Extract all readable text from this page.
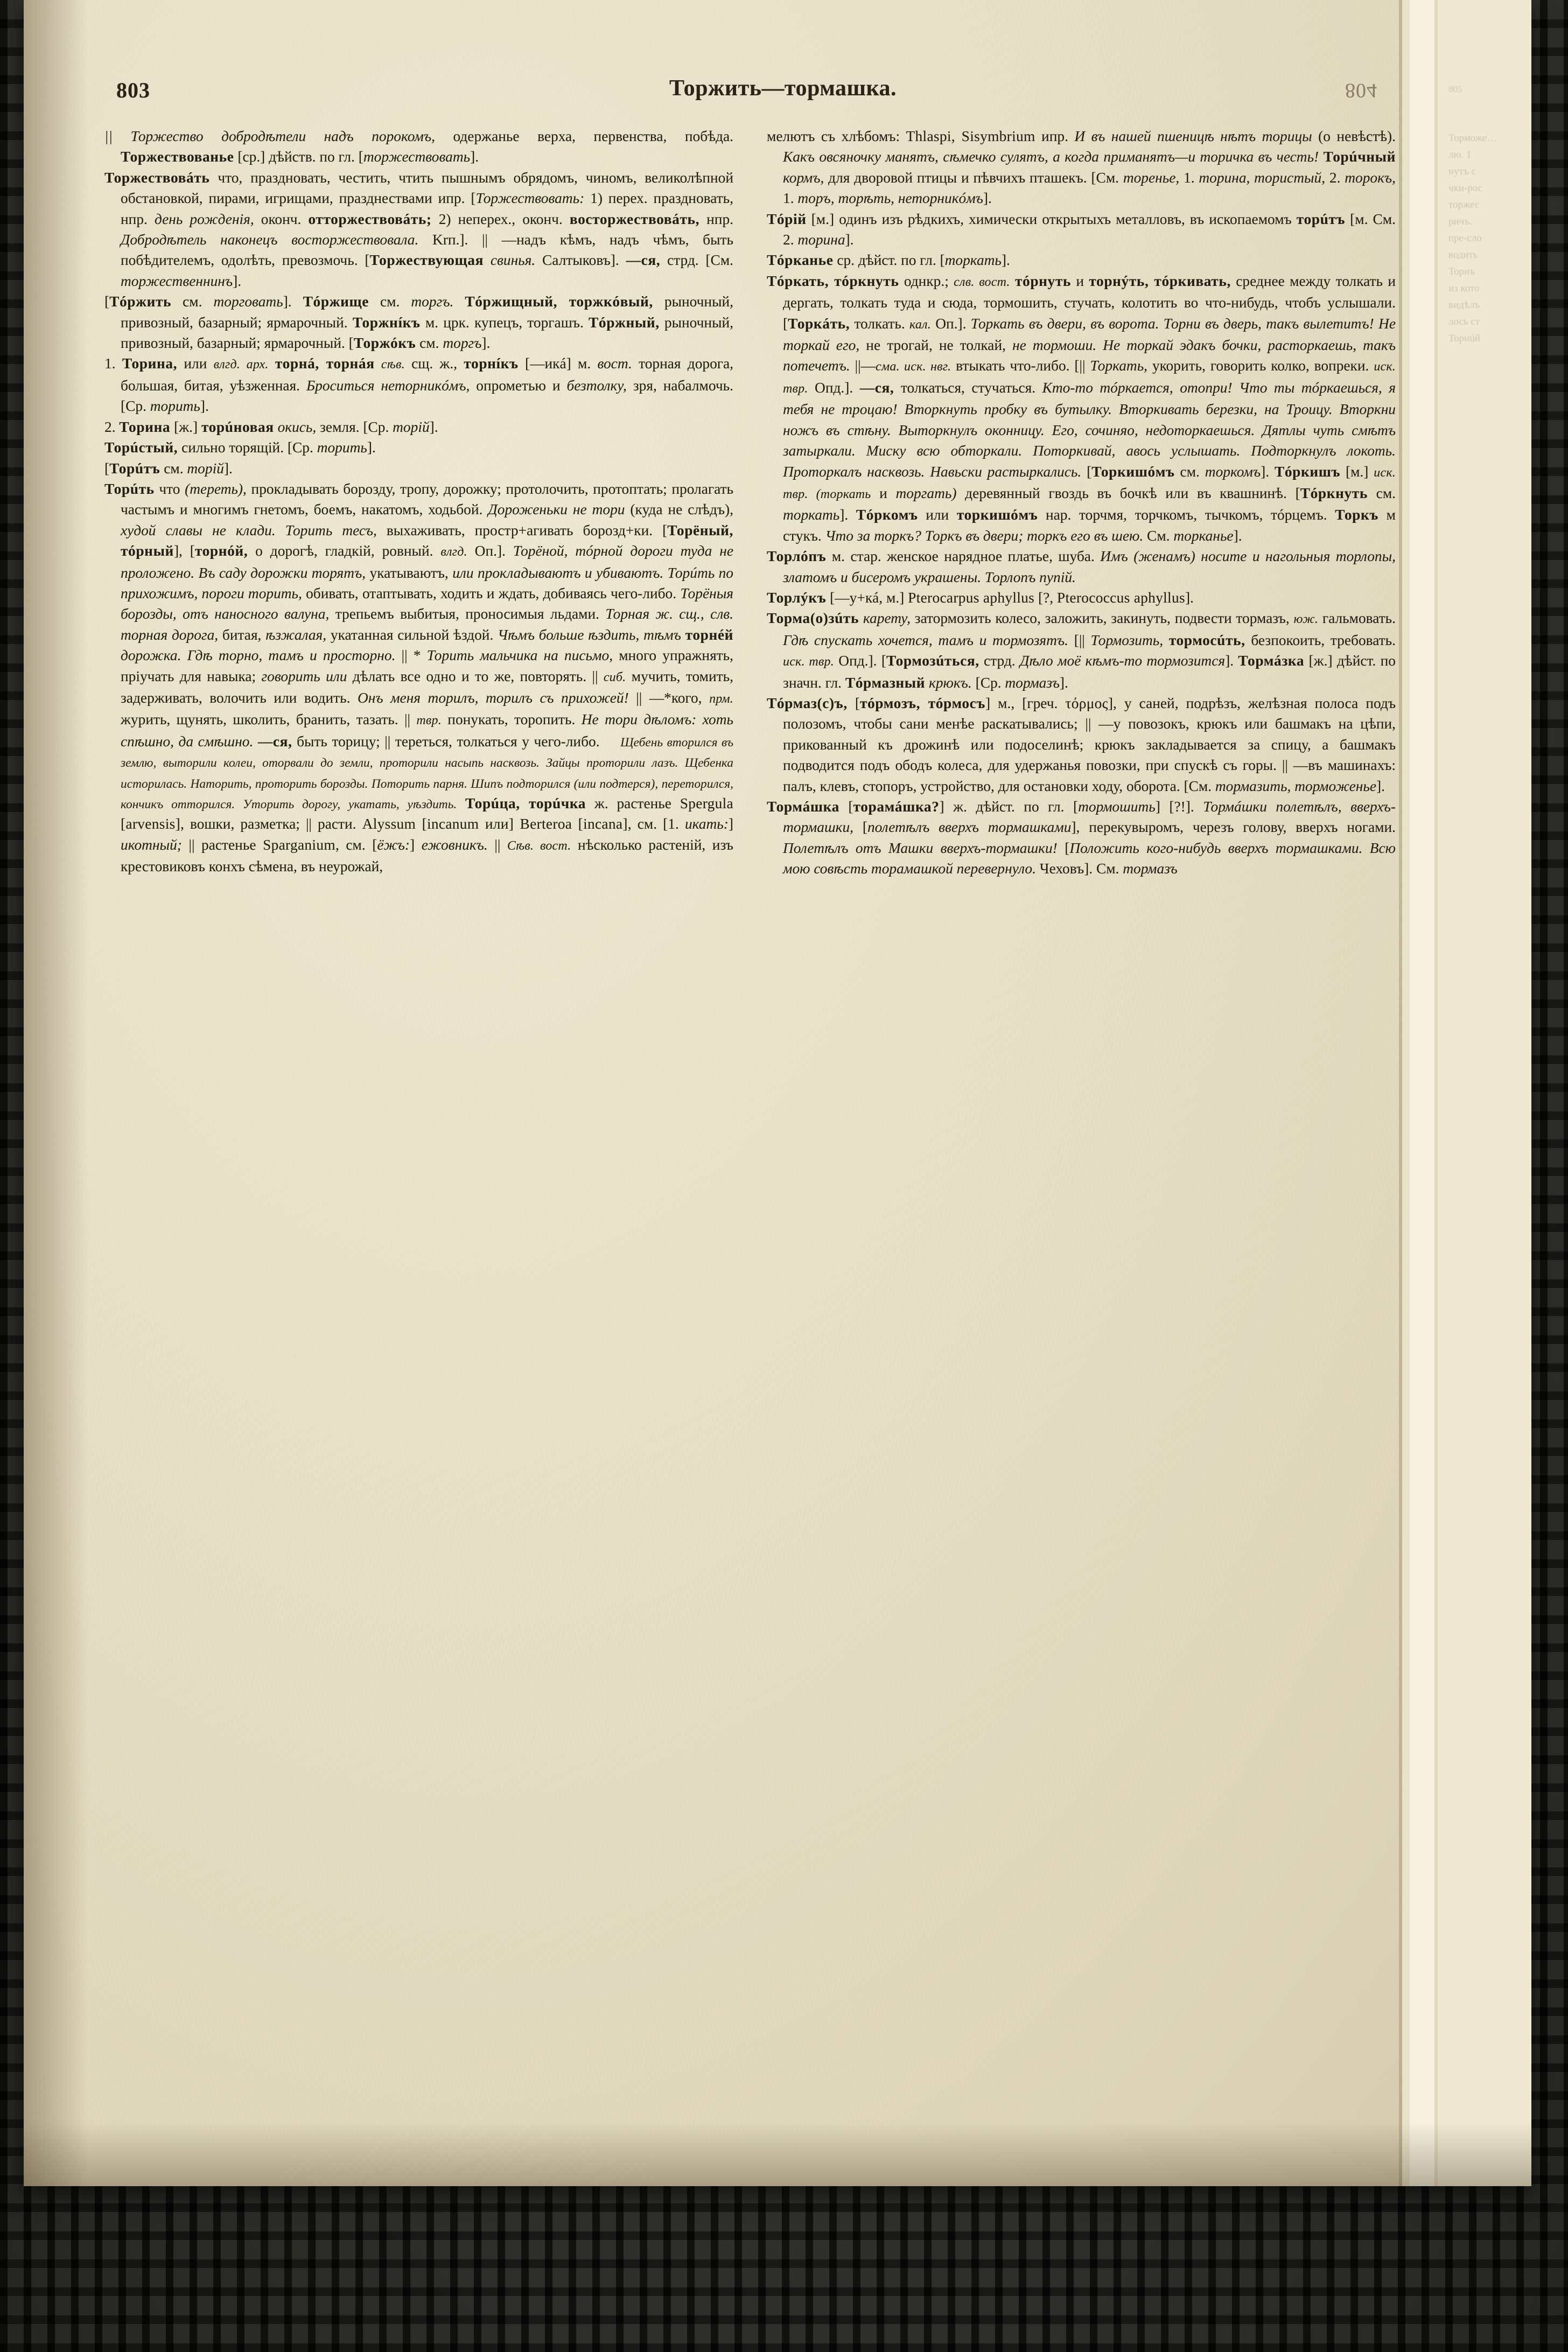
805
Торможе…
лю. 1
нутъ с
чки-рос
торжес
ричъ.
пре-сло
водить
Торнъ
из кото
видѣлъ
лось ст
Торнúй
803	Торжить—тормашка.	804

|| Торжество добродѣтели надъ порокомъ, одержанье верха, первенства, побѣда. Торжествованье [ср.] дѣйств. по гл. [торжествовать].

Торжествовáть что, праздновать, честить, чтить пышнымъ обрядомъ, чиномъ, великолѣпной обстановкой, пирами, игрищами, празднествами ипр. [Торжествовать: 1) перех. праздновать, нпр. день рожденія, оконч. отторжествовáть; 2) неперех., оконч. восторжествовáть, нпр. Добродѣтель наконецъ восторжествовала. Krп.]. || —надъ кѣмъ, надъ чѣмъ, быть побѣдителемъ, одолѣть, превозмочь. [Торжествующая свинья. Салтыковъ]. —ся, стрд. [См. торжественнинъ].

[Тóржить см. торговать]. Тóржище см. торгъ. Тóржищный, торжкóвый, рыночный, привозный, базарный; ярмарочный. Торжнíкъ м. црк. купецъ, торгашъ. Тóржный, рыночный, привозный, базарный; ярмарочный. [Торжóкъ см. торгъ].

1. Торина, или влгд. арх. торнá, торнáя сѣв. сщ. ж., торнíкъ [—икá] м. вост. торная дорога, большая, битая, уѣзженная. Броситься неторникóмъ, опрометью и безтолку, зря, набалмочь. [Ср. торить].

2. Торина [ж.] торúновая окись, земля. [Ср. торій].

Торúстый, сильно торящій. [Ср. торить].

[Торúтъ см. торій].

Торúть что (тереть), прокладывать борозду, тропу, дорожку; протолочить, протоптать; пролагать частымъ и многимъ гнетомъ, боемъ, накатомъ, ходьбой. Дороженьки не тори (куда не слѣдъ), худой славы не клади. Торить тесъ, выхаживать, простр+агивать борозд+ки. [Торёный, тóрный], [торнóй, о дорогѣ, гладкій, ровный. влгд. Оп.]. Торёной, тóрной дороги туда не проложено. Въ саду дорожки торятъ, укатываютъ, или прокладываютъ и убиваютъ. Торúть по прихожимъ, пороги торить, обивать, отаптывать, ходить и ждать, добиваясь чего-либо. Торёныя борозды, отъ наносного валуна, трепьемъ выбитыя, проносимыя льдами. Торная ж. сщ., слв. торная дорога, битая, ѣзжалая, укатанная сильной ѣздой. Чѣмъ больше ѣздить, тѣмъ торнéй дорожка. Гдѣ торно, тамъ и просторно. || * Торить мальчика на письмо, много упражнять, пріучать для навыка; говорить или дѣлать все одно и то же, повторять. || сиб. мучить, томить, задерживать, волочить или водить. Онъ меня торилъ, торилъ съ прихожей! || —*кого, прм. журить, щунять, школить, бранить, тазать. || твр. понукать, торопить. Не тори дѣломъ: хоть спѣшно, да смѣшно. —ся, быть торицу; || тереться, толкаться у чего-либо. Щебень вторился въ землю, выторили колеи, оторвали до земли, проторили насыпь насквозь. Зайцы проторили лазъ. Щебенка историлась. Наторить, проторить борозды. Поторить парня. Шипъ подторился (или подтерся), переторился, кончикъ отторился. Уторить дорогу, укатать, уѣздить. Торúца, торúчка ж. растенье Spergula [arvensis], вошки, разметка; || расти. Alyssum [incanum или] Berteroa [incana], см. [1. икать:] икотный; || растенье Sparganium, см. [ёжъ:] ежовникъ. || Сѣв. вост. нѣсколько растеній, изъ крестовиковъ конхъ сѣмена, въ неурожай,

мелютъ съ хлѣбомъ: Thlaspi, Sisymbrium ипр. И въ нашей пшеницѣ нѣтъ торицы (о невѣстѣ). Какъ овсяночку манятъ, сѣмечко сулятъ, а когда приманятъ—и торичка въ честь! Торúчный кормъ, для дворовой птицы и пѣвчихъ пташекъ. [См. торенье, 1. торина, тористый, 2. торокъ, 1. торъ, торѣть, неторникóмъ].

Тóрій [м.] одинъ изъ рѣдкихъ, химически открытыхъ металловъ, въ ископаемомъ торúтъ [м. См. 2. торина].

Тóрканье ср. дѣйст. по гл. [торкать].

Тóркать, тóркнуть однкр.; слв. вост. тóрнуть и торнýть, тóркивать, среднее между толкать и дергать, толкать туда и сюда, тормошить, стучать, колотить во что-нибудь, чтобъ услышали. [Торкáть, толкать. кал. Оп.]. Торкать въ двери, въ ворота. Торни въ дверь, такъ вылетитъ! Не торкай его, не трогай, не толкай, не тормоши. Не торкай эдакъ бочки, расторкаешь, такъ потечетъ. ||—сма. иск. нвг. втыкать что-либо. [|| Торкать, укорить, говорить колко, вопреки. иск. твр. Опд.]. —ся, толкаться, стучаться. Кто-то тóркается, отопри! Что ты тóркаешься, я тебя не троцаю! Вторкнуть пробку въ бутылку. Вторкивать березки, на Троицу. Вторкни ножъ въ стѣну. Выторкнулъ оконницу. Его, сочиняо, недоторкаешься. Дятлы чуть смѣтъ затыркали. Миску всю обторкали. Поторкивай, авось услышать. Подторкнулъ локоть. Проторкалъ насквозь. Навьски растыркались. [Торкишóмъ см. торкомъ]. Тóркишъ [м.] иск. твр. (торкать и торгать) деревянный гвоздь въ бочкѣ или въ квашнинѣ. [Тóркнуть см. торкать]. Тóркомъ или торкишóмъ нар. торчмя, торчкомъ, тычкомъ, тóрцемъ. Торкъ м стукъ. Что за торкъ? Торкъ въ двери; торкъ его въ шею. См. торканье].

Торлóпъ м. стар. женское нарядное платье, шуба. Имъ (женамъ) носите и нагольныя торлопы, златомъ и бисеромъ украшены. Торлопъ пупій.

Торлýкъ [—у+кá, м.] Pterocarpus aphyllus [?, Pterococcus aphyllus].

Торма(о)зúть карету, затормозить колесо, заложить, закинуть, подвести тормазъ, юж. гальмовать. Гдѣ спускать хочется, тамъ и тормозятъ. [|| Тормозить, тормосúть, безпокоить, требовать. иск. твр. Опд.]. [Тормозúться, стрд. Дѣло моё кѣмъ-то тормозится]. Тормáзка [ж.] дѣйст. по значн. гл. Тóрмазный крюкъ. [Ср. тормазъ].

Тóрмаз(с)ъ, [тóрмозъ, тóрмосъ] м., [греч. τόρμος], у саней, подрѣзъ, желѣзная полоса подъ полозомъ, чтобы сани менѣе раскатывались; || —у повозокъ, крюкъ или башмакъ на цѣпи, прикованный къ дрожинѣ или подоселинѣ; крюкъ закладывается за спицу, а башмакъ подводится подъ ободъ колеса, для удержанья повозки, при спускѣ съ горы. || —въ машинахъ: палъ, клевъ, стопоръ, устройство, для остановки ходу, оборота. [См. тормазить, торможенье].

Тормáшка [торамáшка?] ж. дѣйст. по гл. [тормошить] [?!]. Тормáшки полетѣлъ, вверхъ-тормашки, [полетѣлъ вверхъ тормашками], перекувыромъ, черезъ голову, вверхъ ногами. Полетѣлъ отъ Машки вверхъ-тормашки! [Положить кого-нибудь вверхъ тормашками. Всю мою совѣсть торамашкой перевернуло. Чеховъ]. См. тормазъ
